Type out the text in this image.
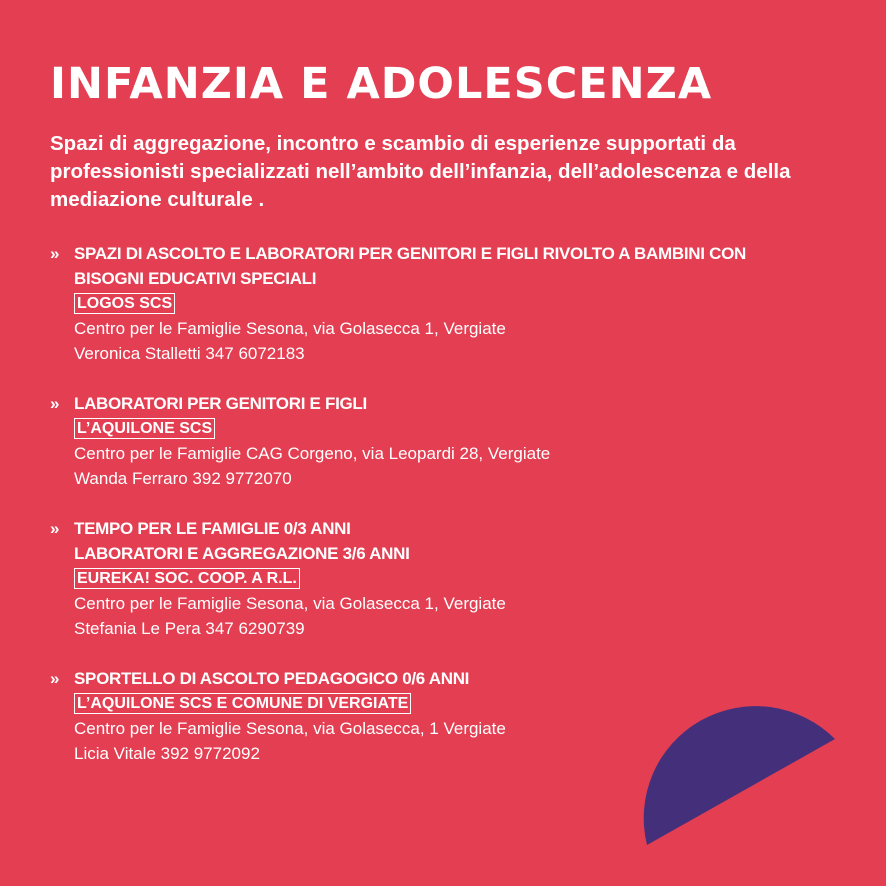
INFANZIA E ADOLESCENZA

Spazi di aggregazione, incontro e scambio di esperienze supportati da professionisti specializzati nell’ambito dell’infanzia, dell’adolescenza e della mediazione culturale .

» SPAZI DI ASCOLTO E LABORATORI PER GENITORI E FIGLI RIVOLTO A BAMBINI CON
BISOGNI EDUCATIVI SPECIALI
LOGOS SCS
Centro per le Famiglie Sesona, via Golasecca 1, Vergiate
Veronica Stalletti 347 6072183
» LABORATORI PER GENITORI E FIGLI
L’AQUILONE SCS
Centro per le Famiglie CAG Corgeno, via Leopardi 28, Vergiate
Wanda Ferraro 392 9772070
» TEMPO PER LE FAMIGLIE 0/3 ANNI
LABORATORI E AGGREGAZIONE 3/6 ANNI
EUREKA! SOC. COOP. A R.L.
Centro per le Famiglie Sesona, via Golasecca 1, Vergiate
Stefania Le Pera 347 6290739
» SPORTELLO DI ASCOLTO PEDAGOGICO 0/6 ANNI
L’AQUILONE SCS E COMUNE DI VERGIATE
Centro per le Famiglie Sesona, via Golasecca, 1 Vergiate
Licia Vitale 392 9772092
